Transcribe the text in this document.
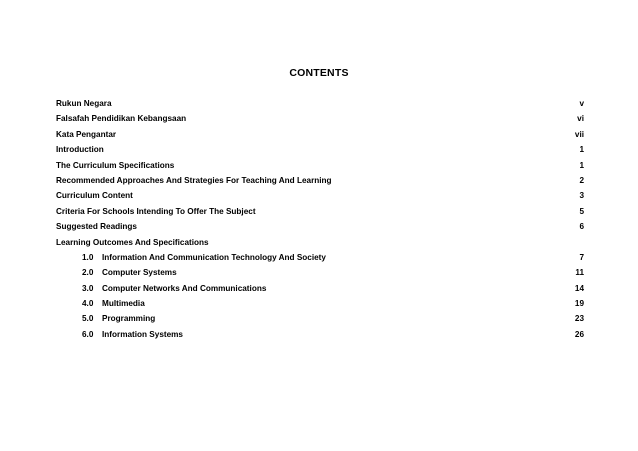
CONTENTS
Rukun Negara	v
Falsafah Pendidikan Kebangsaan	vi
Kata Pengantar	vii
Introduction	1
The Curriculum Specifications	1
Recommended Approaches And Strategies For Teaching And Learning	2
Curriculum Content	3
Criteria For Schools Intending To Offer The Subject	5
Suggested Readings	6
Learning Outcomes And Specifications
1.0 Information And Communication Technology And Society	7
2.0 Computer Systems	11
3.0 Computer Networks And Communications	14
4.0 Multimedia	19
5.0 Programming	23
6.0 Information Systems	26
